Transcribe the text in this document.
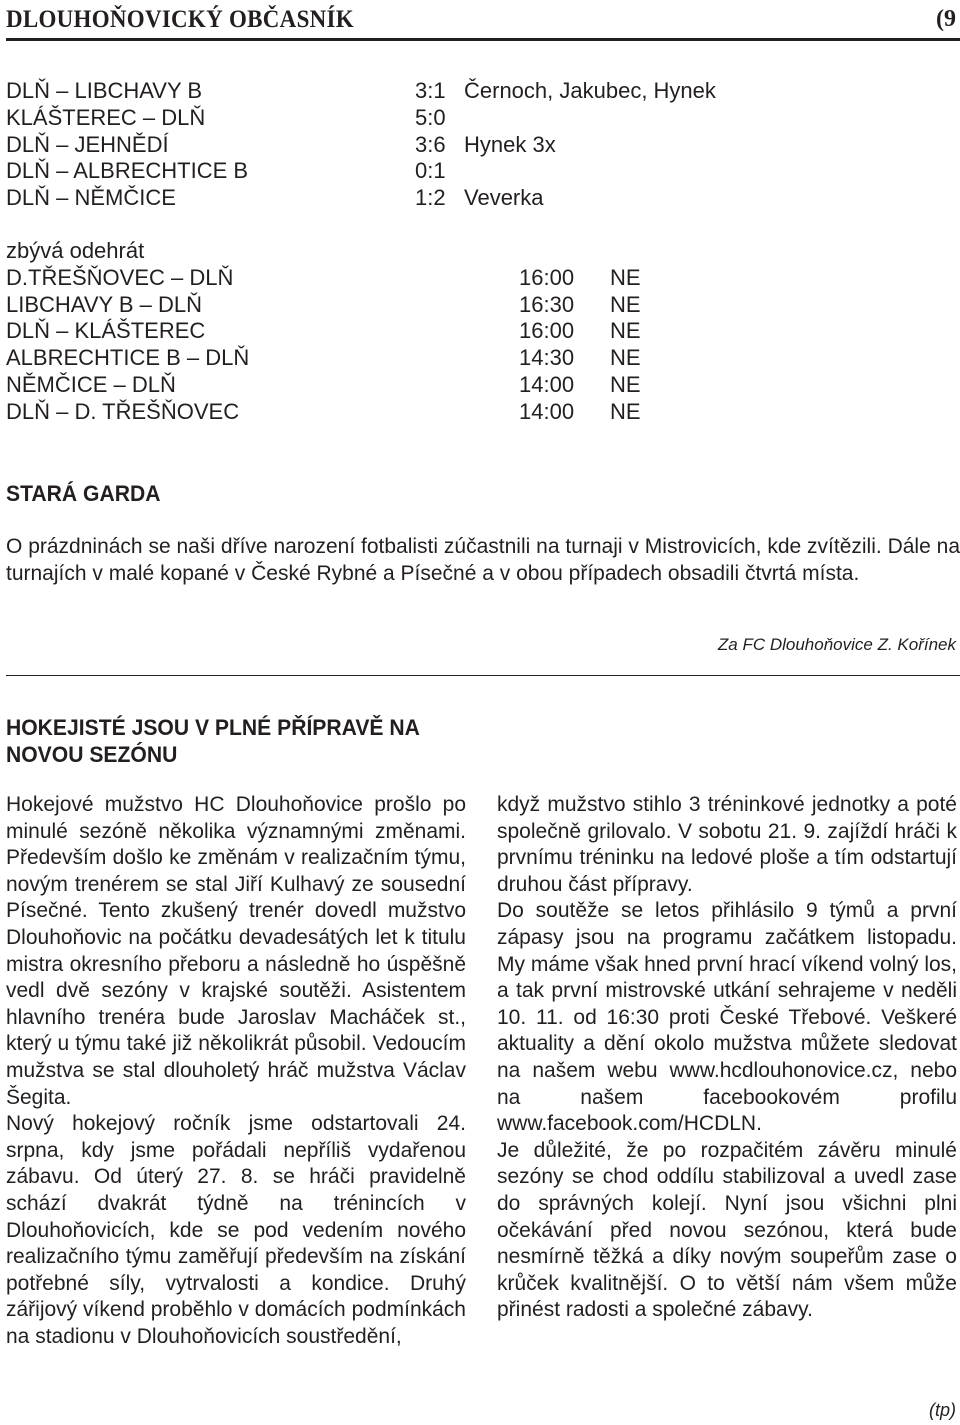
DLOUHOŇOVICKÝ OBČASNÍK	(9
DLŇ – LIBCHAVY B	3:1 Černoch, Jakubec, Hynek
KLÁŠTEREC – DLŇ	5:0
DLŇ – JEHNĚDÍ	3:6 Hynek 3x
DLŇ – ALBRECHTICE B	0:1
DLŇ – NĚMČICE	1:2 Veverka
zbývá odehrát
D.TŘEŠŇOVEC – DLŇ	16:00 NE
LIBCHAVY B – DLŇ	16:30 NE
DLŇ – KLÁŠTEREC	16:00 NE
ALBRECHTICE B – DLŇ	14:30 NE
NĚMČICE – DLŇ	14:00 NE
DLŇ – D. TŘEŠŇOVEC	14:00 NE
STARÁ GARDA

O prázdninách se naši dříve narození fotbalisti zúčastnili na turnaji v Mistrovicích, kde zvítězili. Dále na turnajích v malé kopané v České Rybné a Písečné a v obou případech obsadili čtvrtá místa.

Za FC Dlouhoňovice Z. Kořínek
HOKEJISTÉ JSOU V PLNÉ PŘÍPRAVĚ NA
NOVOU SEZÓNU

Hokejové mužstvo HC Dlouhoňovice prošlo po minulé sezóně několika významnými změnami. Především došlo ke změnám v realizačním týmu, novým trenérem se stal Jiří Kulhavý ze sousední Písečné. Tento zkušený trenér dovedl mužstvo Dlouhoňovic na počátku devadesátých let k titulu mistra okresního přeboru a následně ho úspěšně vedl dvě sezóny v krajské soutěži. Asistentem hlavního trenéra bude Jaroslav Macháček st., který u týmu také již několikrát působil. Vedoucím mužstva se stal dlouholetý hráč mužstva Václav Šegita.

Nový hokejový ročník jsme odstartovali 24. srpna, kdy jsme pořádali nepříliš vydařenou zábavu. Od úterý 27. 8. se hráči pravidelně schází dvakrát týdně na trénincích v Dlouhoňovicích, kde se pod vedením nového realizačního týmu zaměřují především na získání potřebné síly, vytrvalosti a kondice. Druhý zářijový víkend proběhlo v domácích podmínkách na stadionu v Dlouhoňovicích soustředění,

když mužstvo stihlo 3 tréninkové jednotky a poté společně grilovalo. V sobotu 21. 9. zajíždí hráči k prvnímu tréninku na ledové ploše a tím odstartují druhou část přípravy.

Do soutěže se letos přihlásilo 9 týmů a první zápasy jsou na programu začátkem listopadu. My máme však hned první hrací víkend volný los, a tak první mistrovské utkání sehrajeme v neděli 10. 11. od 16:30 proti České Třebové. Veškeré aktuality a dění okolo mužstva můžete sledovat na našem webu www.hcdlouhonovice.cz, nebo na našem facebookovém profilu www.facebook.com/HCDLN.

Je důležité, že po rozpačitém závěru minulé sezóny se chod oddílu stabilizoval a uvedl zase do správných kolejí. Nyní jsou všichni plni očekávání před novou sezónou, která bude nesmírně těžká a díky novým soupeřům zase o krůček kvalitnější. O to větší nám všem může přinést radosti a společné zábavy.

(tp)
